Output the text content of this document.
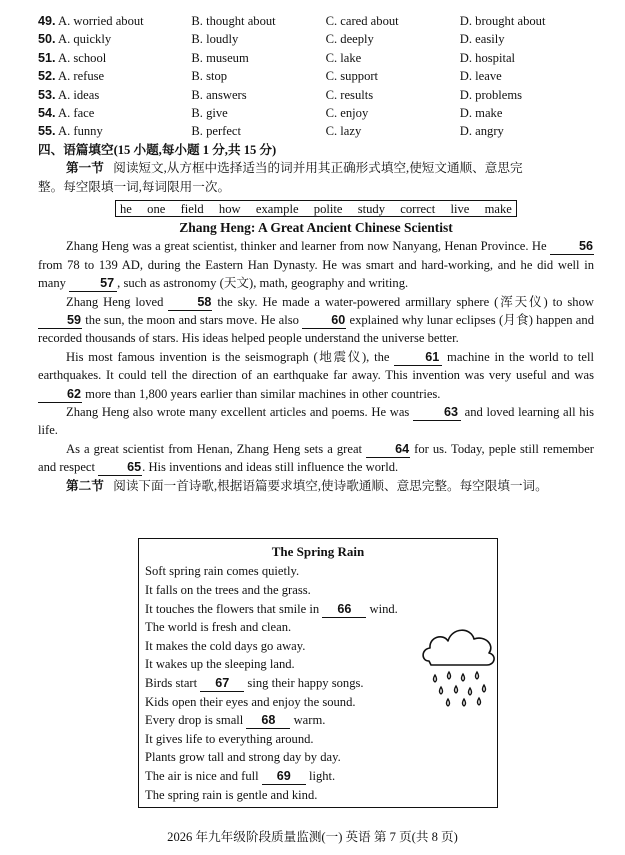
49. A. worried about	B. thought about	C. cared about	D. brought about
50. A. quickly	B. loudly	C. deeply	D. easily
51. A. school	B. museum	C. lake	D. hospital
52. A. refuse	B. stop	C. support	D. leave
53. A. ideas	B. answers	C. results	D. problems
54. A. face	B. give	C. enjoy	D. make
55. A. funny	B. perfect	C. lazy	D. angry
四、语篇填空(15 小题,每小题 1 分,共 15 分)

第一节 阅读短文,从方框中选择适当的词并用其正确形式填空,使短文通顺、意思完

整。每空限填一词,每词限用一次。

he one field how example polite study correct live make
Zhang Heng: A Great Ancient Chinese Scientist

Zhang Heng was a great scientist, thinker and learner from now Nanyang, Henan Province. He	56 from 78 to 139 AD, during the Eastern Han Dynasty. He was smart and hard-working, and he did well in many 57 , such as astronomy (天文), math, geography and writing.

Zhang Heng loved 58 the sky. He made a water-powered armillary sphere (浑天仪) to show 59 the sun, the moon and stars move. He also 60 explained why lunar eclipses (月食) happen and recorded thousands of stars. His ideas helped people understand the universe better.

His most famous invention is the seismograph (地震仪), the 61 machine in the world to tell earthquakes. It could tell the direction of an earthquake far away. This invention was very useful and was 62 more than 1,800 years earlier than similar machines in other countries.

Zhang Heng also wrote many excellent articles and poems. He was 63 and loved learning all his life.

As a great scientist from Henan, Zhang Heng sets a great 64 for us. Today, peple still remember and respect 65. His inventions and ideas still influence the world.

第二节 阅读下面一首诗歌,根据语篇要求填空,使诗歌通顺、意思完整。每空限填一词。

The Spring Rain
Soft spring rain comes quietly.
It falls on the trees and the grass.
It touches the flowers that smile in 66 wind.
The world is fresh and clean.
It makes the cold days go away.
It wakes up the sleeping land.
Birds start 67 sing their happy songs.
Kids open their eyes and enjoy the sound.
Every drop is small 68 warm.
It gives life to everything around.
Plants grow tall and strong day by day.
The air is nice and full 69 light.
The spring rain is gentle and kind.
2026 年九年级阶段质量监测(一) 英语 第 7 页(共 8 页)
